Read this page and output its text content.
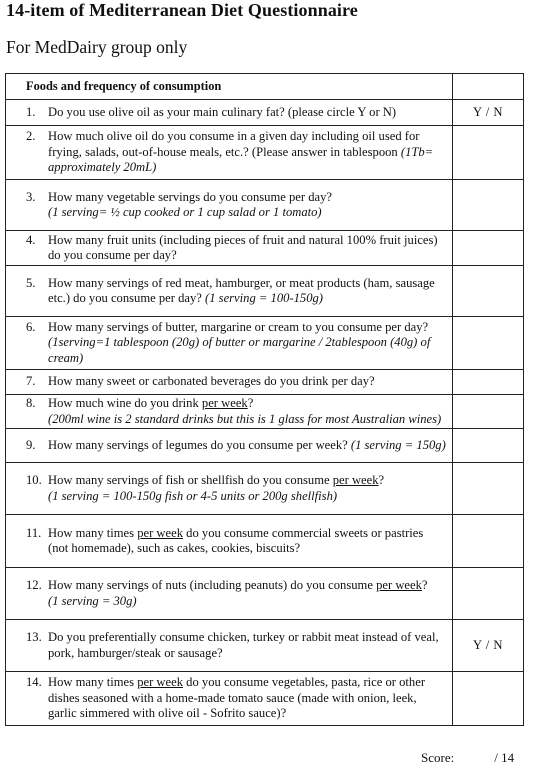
14-item of Mediterranean Diet Questionnaire
For MedDairy group only
Foods and frequency of consumption	

1. Do you use olive oil as your main culinary fat? (please circle Y or N)	Y / N

2. How much olive oil do you consume in a given day including oil used for frying, salads, out-of-house meals, etc.? (Please answer in tablespoon (1Tb= approximately 20mL)	

3. How many vegetable servings do you consume per day?
(1 serving= ½ cup cooked or 1 cup salad or 1 tomato)	

4. How many fruit units (including pieces of fruit and natural 100% fruit juices) do you consume per day?	

5. How many servings of red meat, hamburger, or meat products (ham, sausage etc.) do you consume per day? (1 serving = 100-150g)	

6. How many servings of butter, margarine or cream to you consume per day?
(1serving=1 tablespoon (20g) of butter or margarine / 2tablespoon (40g) of cream)	

7. How many sweet or carbonated beverages do you drink per day?	

8. How much wine do you drink per week?
(200ml wine is 2 standard drinks but this is 1 glass for most Australian wines)	

9. How many servings of legumes do you consume per week? (1 serving = 150g)	

10. How many servings of fish or shellfish do you consume per week?
(1 serving = 100-150g fish or 4-5 units or 200g shellfish)	

11. How many times per week do you consume commercial sweets or pastries (not homemade), such as cakes, cookies, biscuits?	

12. How many servings of nuts (including peanuts) do you consume per week?
(1 serving = 30g)	

13. Do you preferentially consume chicken, turkey or rabbit meat instead of veal, pork, hamburger/steak or sausage?	Y / N

14. How many times per week do you consume vegetables, pasta, rice or other dishes seasoned with a home-made tomato sauce (made with onion, leek, garlic simmered with olive oil - Sofrito sauce)?	

Score:	/ 14
